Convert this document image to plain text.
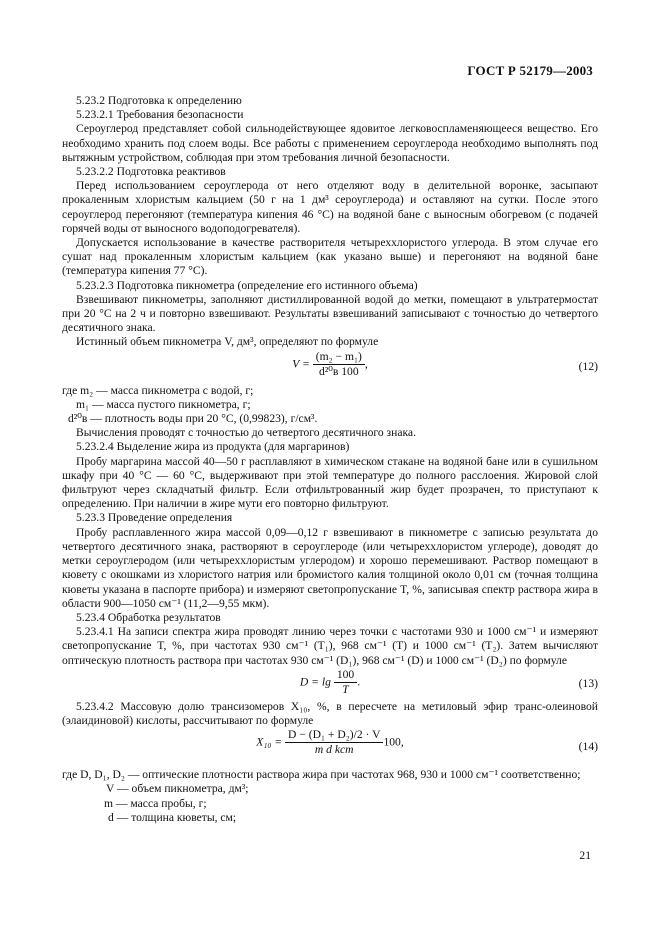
ГОСТ Р 52179—2003

5.23.2 Подготовка к определению

5.23.2.1 Требования безопасности

Сероуглерод представляет собой сильнодействующее ядовитое легковоспламеняющееся вещество. Его необходимо хранить под слоем воды. Все работы с применением сероуглерода необходимо выполнять под вытяжным устройством, соблюдая при этом требования личной безопасности.

5.23.2.2 Подготовка реактивов

Перед использованием сероуглерода от него отделяют воду в делительной воронке, засыпают прокаленным хлористым кальцием (50 г на 1 дм³ сероуглерода) и оставляют на сутки. После этого сероуглерод перегоняют (температура кипения 46 °С) на водяной бане с выносным обогревом (с подачей горячей воды от выносного водоподогревателя).

Допускается использование в качестве растворителя четыреххлористого углерода. В этом случае его сушат над прокаленным хлористым кальцием (как указано выше) и перегоняют на водяной бане (температура кипения 77 °С).

5.23.2.3 Подготовка пикнометра (определение его истинного объема)

Взвешивают пикнометры, заполняют дистиллированной водой до метки, помещают в ультратермостат при 20 °С на 2 ч и повторно взвешивают. Результаты взвешиваний записывают с точностью до четвертого десятичного знака.

Истинный объем пикнометра V, дм³, определяют по формуле

$V = \frac{\text{(m₂ − m₁)}}{\text{d²⁰в 100}}$ ,	(12)

где m₂ — масса пикнометра с водой, г;

m₁ — масса пустого пикнометра, г;

d²⁰в — плотность воды при 20 °С, (0,99823), г/см³.

Вычисления проводят с точностью до четвертого десятичного знака.

5.23.2.4 Выделение жира из продукта (для маргаринов)

Пробу маргарина массой 40—50 г расплавляют в химическом стакане на водяной бане или в сушильном шкафу при 40 °С — 60 °С, выдерживают при этой температуре до полного расслоения. Жировой слой фильтруют через складчатый фильтр. Если отфильтрованный жир будет прозрачен, то приступают к определению. При наличии в жире мути его повторно фильтруют.

5.23.3 Проведение определения

Пробу расплавленного жира массой 0,09—0,12 г взвешивают в пикнометре с записью результата до четвертого десятичного знака, растворяют в сероуглероде (или четыреххлористом углероде), доводят до метки сероуглеродом (или четыреххлористым углеродом) и хорошо перемешивают. Раствор помещают в кювету с окошками из хлористого натрия или бромистого калия толщиной около 0,01 см (точная толщина кюветы указана в паспорте прибора) и измеряют светопропускание T, %, записывая спектр раствора жира в области 900—1050 см⁻¹ (11,2—9,55 мкм).

5.23.4 Обработка результатов

5.23.4.1 На записи спектра жира проводят линию через точки с частотами 930 и 1000 см⁻¹ и измеряют светопропускание T, %, при частотах 930 см⁻¹ (T₁), 968 см⁻¹ (T) и 1000 см⁻¹ (T₂). Затем вычисляют оптическую плотность раствора при частотах 930 см⁻¹ (D₁), 968 см⁻¹ (D) и 1000 см⁻¹ (D₂) по формуле

$D = \lg \frac{100}{T}$.	(13)

5.23.4.2 Массовую долю трансизомеров X₁₀, %, в пересчете на метиловый эфир транс-олеиновой (элаидиновой) кислоты, рассчитывают по формуле

$X_{10} = \frac{\text{D − (D₁ + D₂)/2 · V}}{\text{m d kст}}100$,	(14)

где D, D₁, D₂ — оптические плотности раствора жира при частотах 968, 930 и 1000 см⁻¹ соответственно;

V — объем пикнометра, дм³;

m — масса пробы, г;

d — толщина кюветы, см;

21
